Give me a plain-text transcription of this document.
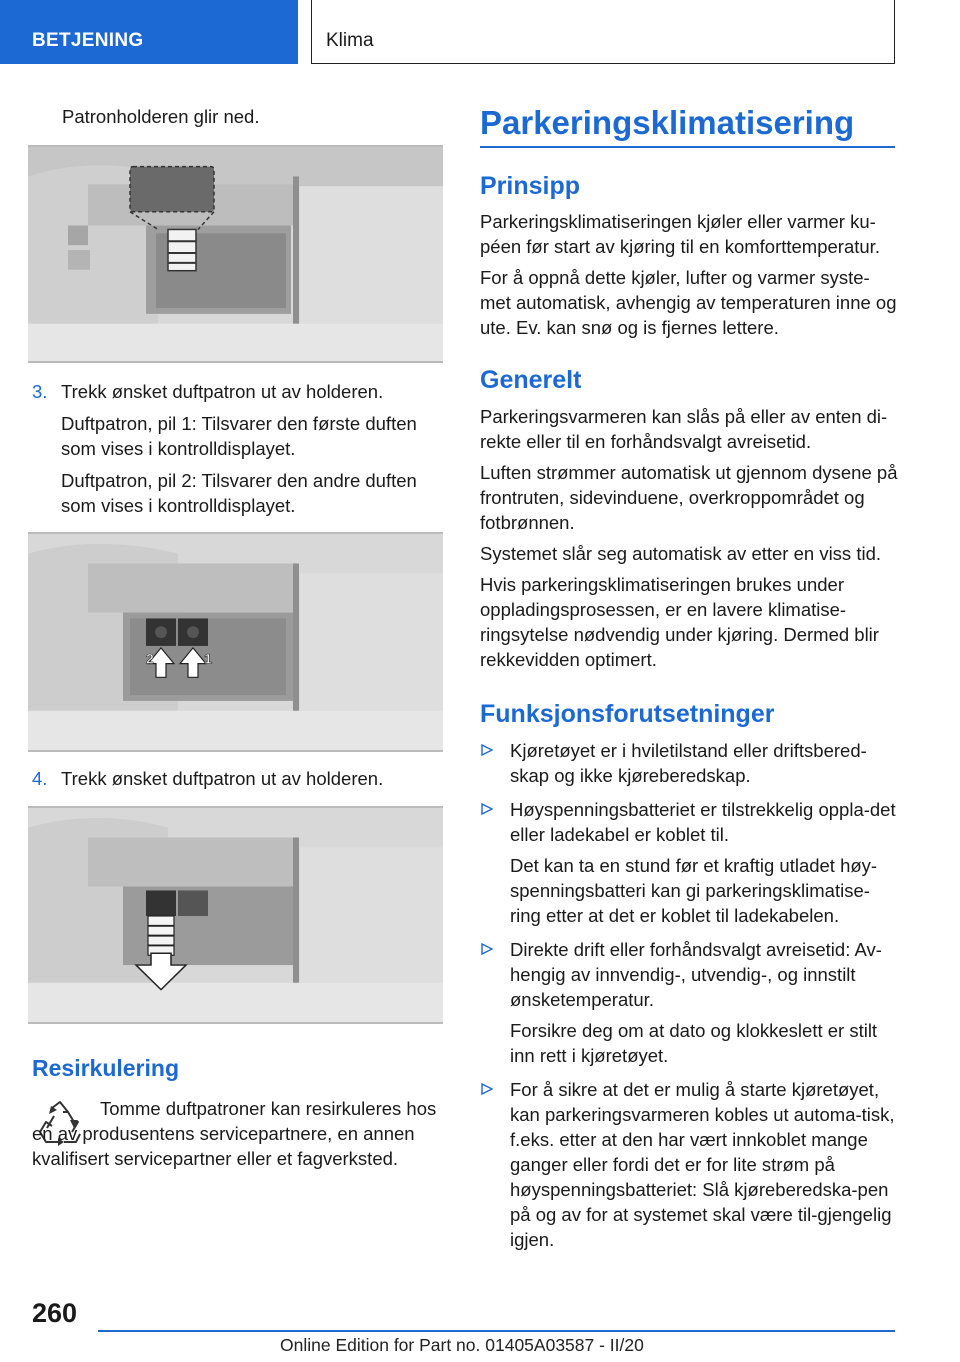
BETJENING	Klima

Patronholderen glir ned.

3. Trekk ønsket duftpatron ut av holderen.

Duftpatron, pil 1: Tilsvarer den første duften som vises i kontrolldisplayet.

Duftpatron, pil 2: Tilsvarer den andre duften som vises i kontrolldisplayet.

2	1
4. Trekk ønsket duftpatron ut av holderen.

Resirkulering

Tomme duftpatroner kan resirkuleres hos en av produsentens servicepartnere, en annen kvalifisert servicepartner eller et fagverksted.

Parkeringsklimatisering
Prinsipp

Parkeringsklimatiseringen kjøler eller varmer ku-péen før start av kjøring til en komforttemperatur.

For å oppnå dette kjøler, lufter og varmer syste-met automatisk, avhengig av temperaturen inne og ute. Ev. kan snø og is fjernes lettere.

Generelt

Parkeringsvarmeren kan slås på eller av enten di-rekte eller til en forhåndsvalgt avreisetid.

Luften strømmer automatisk ut gjennom dysene på frontruten, sidevinduene, overkroppområdet og fotbrønnen.

Systemet slår seg automatisk av etter en viss tid.

Hvis parkeringsklimatiseringen brukes under oppladingsprosessen, er en lavere klimatise-ringsytelse nødvendig under kjøring. Dermed blir rekkevidden optimert.

Funksjonsforutsetninger

Kjøretøyet er i hviletilstand eller driftsbered-skap og ikke kjøreberedskap.

Høyspenningsbatteriet er tilstrekkelig oppla-det eller ladekabel er koblet til.

Det kan ta en stund før et kraftig utladet høy-spenningsbatteri kan gi parkeringsklimatise-ring etter at det er koblet til ladekabelen.

Direkte drift eller forhåndsvalgt avreisetid: Av-hengig av innvendig-, utvendig-, og innstilt ønsketemperatur.

Forsikre deg om at dato og klokkeslett er stilt inn rett i kjøretøyet.

For å sikre at det er mulig å starte kjøretøyet, kan parkeringsvarmeren kobles ut automa-tisk, f.eks. etter at den har vært innkoblet mange ganger eller fordi det er for lite strøm på høyspenningsbatteriet: Slå kjøreberedska-pen på og av for at systemet skal være til-gjengelig igjen.

260
Online Edition for Part no. 01405A03587 - II/20
